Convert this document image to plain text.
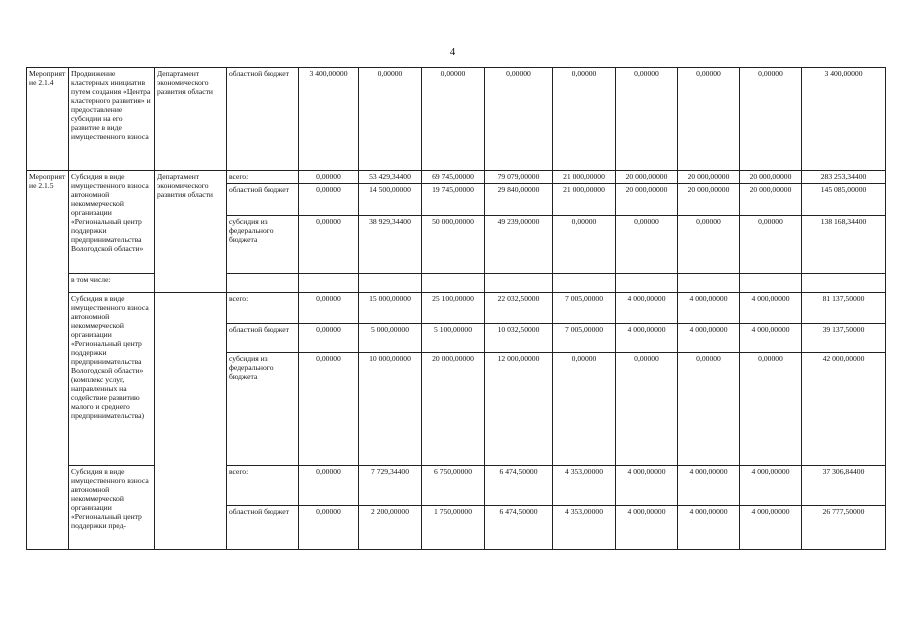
4
Мероприятие 2.1.4	Продвижение кластерных инициатив путем создания «Центра кластерного развития» и предоставление субсидии на его развитие в виде имущественного взноса	Департамент экономического развития области	областной бюджет	3 400,00000	0,00000	0,00000	0,00000	0,00000	0,00000	0,00000	0,00000	3 400,00000
Мероприятие 2.1.5	Субсидия в виде имущественного взноса автономной некоммерческой организации «Региональный центр поддержки предпринимательства Вологодской области»	Департамент экономического развития области	всего:	0,00000	53 429,34400	69 745,00000	79 079,00000	21 000,00000	20 000,00000	20 000,00000	20 000,00000	283 253,34400
			областной бюджет	0,00000	14 500,00000	19 745,00000	29 840,00000	21 000,00000	20 000,00000	20 000,00000	20 000,00000	145 085,00000
			субсидия из федерального бюджета	0,00000	38 929,34400	50 000,00000	49 239,00000	0,00000	0,00000	0,00000	0,00000	138 168,34400
	в том числе:											
	Субсидия в виде имущественного взноса автономной некоммерческой организации «Региональный центр поддержки предпринимательства Вологодской области» (комплекс услуг, направленных на содействие развитию малого и среднего предпринимательства)		всего:	0,00000	15 000,00000	25 100,00000	22 032,50000	7 005,00000	4 000,00000	4 000,00000	4 000,00000	81 137,50000
			областной бюджет	0,00000	5 000,00000	5 100,00000	10 032,50000	7 005,00000	4 000,00000	4 000,00000	4 000,00000	39 137,50000
			субсидия из федерального бюджета	0,00000	10 000,00000	20 000,00000	12 000,00000	0,00000	0,00000	0,00000	0,00000	42 000,00000
	Субсидия в виде имущественного взноса автономной некоммерческой организации «Региональный центр поддержки пред-		всего:	0,00000	7 729,34400	6 750,00000	6 474,50000	4 353,00000	4 000,00000	4 000,00000	4 000,00000	37 306,84400
			областной бюджет	0,00000	2 200,00000	1 750,00000	6 474,50000	4 353,00000	4 000,00000	4 000,00000	4 000,00000	26 777,50000
